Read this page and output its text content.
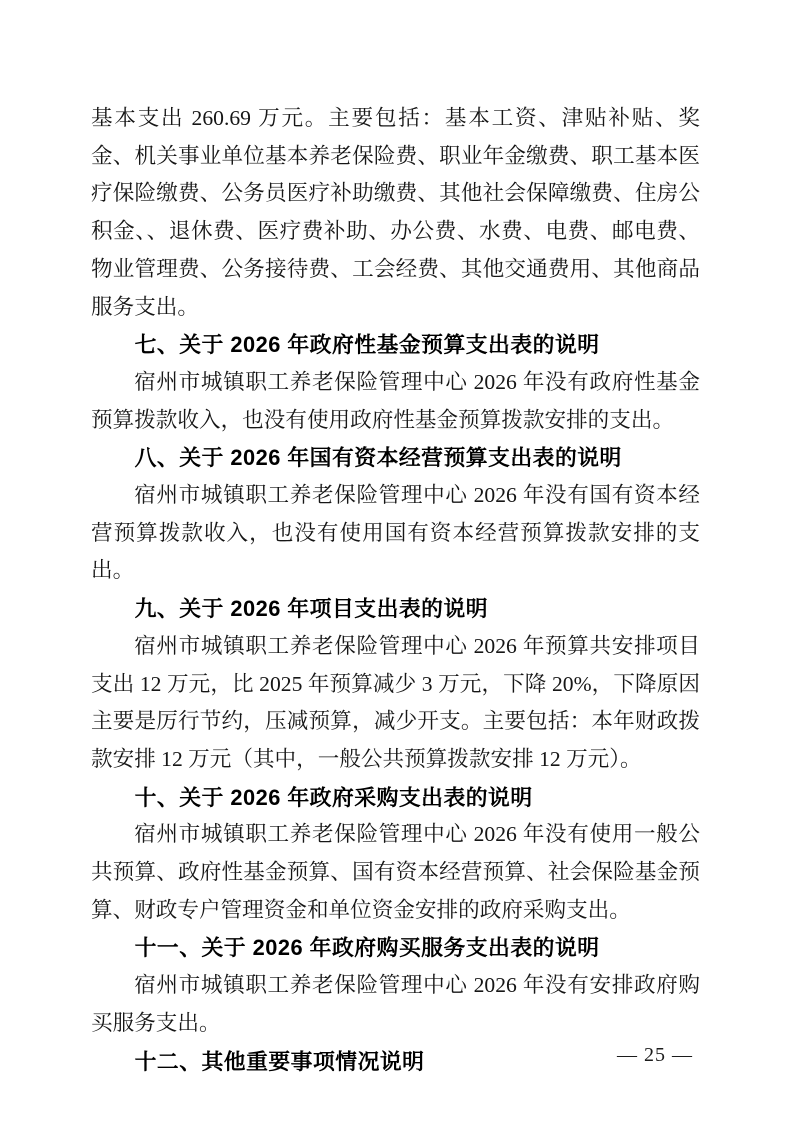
基本支出 260.69 万元。主要包括：基本工资、津贴补贴、奖金、机关事业单位基本养老保险费、职业年金缴费、职工基本医疗保险缴费、公务员医疗补助缴费、其他社会保障缴费、住房公积金、、退休费、医疗费补助、办公费、水费、电费、邮电费、物业管理费、公务接待费、工会经费、其他交通费用、其他商品服务支出。

七、关于 2026 年政府性基金预算支出表的说明

宿州市城镇职工养老保险管理中心 2026 年没有政府性基金预算拨款收入，也没有使用政府性基金预算拨款安排的支出。

八、关于 2026 年国有资本经营预算支出表的说明

宿州市城镇职工养老保险管理中心 2026 年没有国有资本经营预算拨款收入，也没有使用国有资本经营预算拨款安排的支出。

九、关于 2026 年项目支出表的说明

宿州市城镇职工养老保险管理中心 2026 年预算共安排项目支出 12 万元，比 2025 年预算减少 3 万元，下降 20%，下降原因主要是厉行节约，压减预算，减少开支。主要包括：本年财政拨款安排 12 万元（其中，一般公共预算拨款安排 12 万元）。

十、关于 2026 年政府采购支出表的说明

宿州市城镇职工养老保险管理中心 2026 年没有使用一般公共预算、政府性基金预算、国有资本经营预算、社会保险基金预算、财政专户管理资金和单位资金安排的政府采购支出。

十一、关于 2026 年政府购买服务支出表的说明

宿州市城镇职工养老保险管理中心 2026 年没有安排政府购买服务支出。

十二、其他重要事项情况说明	— 25 —
